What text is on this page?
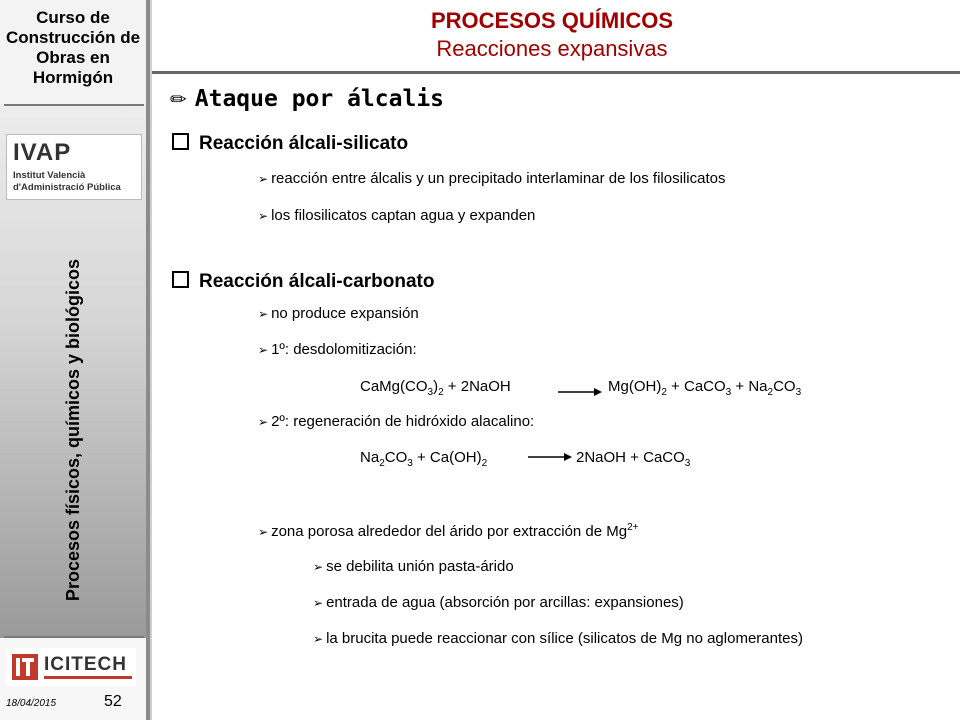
Curso de Construcción de Obras en Hormigón
IVAP
Institut Valencià
d'Administració Pública
Procesos físicos, químicos y biológicos
ICITECH
18/04/2015	52
PROCESOS QUÍMICOS
Reacciones expansivas
✏ Ataque por álcalis
Reacción álcali-silicato
➢ reacción entre álcalis y un precipitado interlaminar de los filosilicatos
➢ los filosilicatos captan agua y expanden
Reacción álcali-carbonato
➢ no produce expansión
➢ 1º: desdolomitización:
$CaMg(CO_3)_2$ + 2NaOH	→ $Mg(OH)_2$ + CaCO$_3$ + $Na_2CO_3$
➢ 2º: regeneración de hidróxido alacalino:
$Na_2CO_3 + Ca(OH)_2$	→ 2NaOH + CaCO$_3$
➢ zona porosa alrededor del árido por extracción de $Mg^{2+}$
➢ se debilita unión pasta-árido
➢ entrada de agua (absorción por arcillas: expansiones)
➢ la brucita puede reaccionar con sílice (silicatos de Mg no aglomerantes)
